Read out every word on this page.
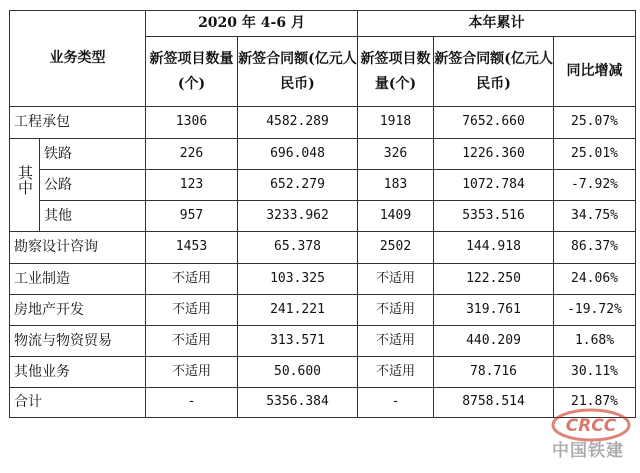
业务类型		2020 年 4-6 月		本年累计		
		新签项目数量(个)	新签合同额(亿元人民币)	新签项目数量(个)	新签合同额(亿元人民币)	同比增减
工程承包		1306	4582.289	1918	7652.660	25.07%
其中	铁路	226	696.048	326	1226.360	25.01%
	公路	123	652.279	183	1072.784	-7.92%
	其他	957	3233.962	1409	5353.516	34.75%
勘察设计咨询		1453	65.378	2502	144.918	86.37%
工业制造		不适用	103.325	不适用	122.250	24.06%
房地产开发		不适用	241.221	不适用	319.761	-19.72%
物流与物资贸易		不适用	313.571	不适用	440.209	1.68%
其他业务		不适用	50.600	不适用	78.716	30.11%
合计		-	5356.384	-	8758.514	21.87%
CRCC
中国铁建
